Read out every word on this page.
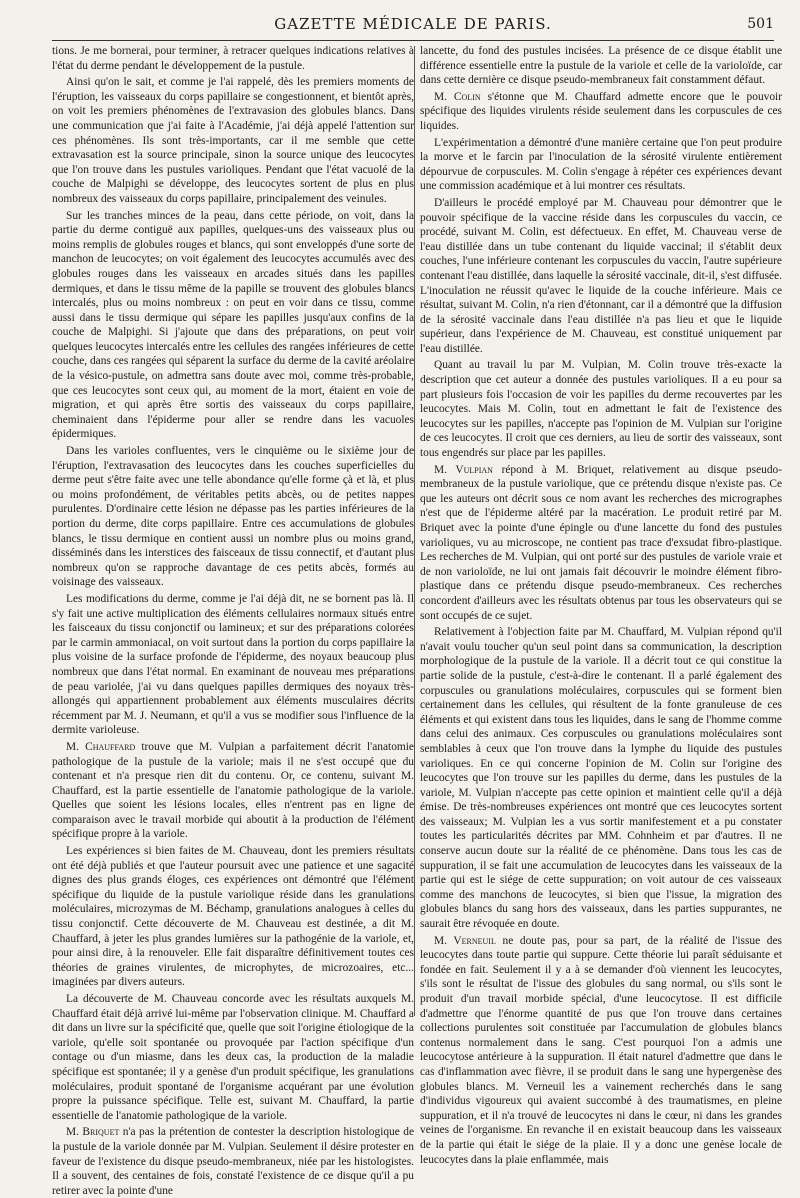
GAZETTE MÉDICALE DE PARIS.	501

tions. Je me bornerai, pour terminer, à retracer quelques indications relatives à l'état du derme pendant le développement de la pustule.

Ainsi qu'on le sait, et comme je l'ai rappelé, dès les premiers moments de l'éruption, les vaisseaux du corps papillaire se congestionnent, et bientôt après, on voit les premiers phénomènes de l'extravasion des globules blancs. Dans une communication que j'ai faite à l'Académie, j'ai déjà appelé l'attention sur ces phénomènes. Ils sont très-importants, car il me semble que cette extravasation est la source principale, sinon la source unique des leucocytes que l'on trouve dans les pustules varioliques. Pendant que l'état vacuolé de la couche de Malpighi se développe, des leucocytes sortent de plus en plus nombreux des vaisseaux du corps papillaire, principalement des veinules.

Sur les tranches minces de la peau, dans cette période, on voit, dans la partie du derme contiguë aux papilles, quelques-uns des vaisseaux plus ou moins remplis de globules rouges et blancs, qui sont enveloppés d'une sorte de manchon de leucocytes; on voit également des leucocytes accumulés avec des globules rouges dans les vaisseaux en arcades situés dans les papilles dermiques, et dans le tissu même de la papille se trouvent des globules blancs intercalés, plus ou moins nombreux : on peut en voir dans ce tissu, comme aussi dans le tissu dermique qui sépare les papilles jusqu'aux confins de la couche de Malpighi. Si j'ajoute que dans des préparations, on peut voir quelques leucocytes intercalés entre les cellules des rangées inférieures de cette couche, dans ces rangées qui séparent la surface du derme de la cavité aréolaire de la vésico-pustule, on admettra sans doute avec moi, comme très-probable, que ces leucocytes sont ceux qui, au moment de la mort, étaient en voie de migration, et qui après être sortis des vaisseaux du corps papillaire, cheminaient dans l'épiderme pour aller se rendre dans les vacuoles épidermiques.

Dans les varioles confluentes, vers le cinquième ou le sixième jour de l'éruption, l'extravasation des leucocytes dans les couches superficielles du derme peut s'être faite avec une telle abondance qu'elle forme çà et là, et plus ou moins profondément, de véritables petits abcès, ou de petites nappes purulentes. D'ordinaire cette lésion ne dépasse pas les parties inférieures de la portion du derme, dite corps papillaire. Entre ces accumulations de globules blancs, le tissu dermique en contient aussi un nombre plus ou moins grand, disséminés dans les interstices des faisceaux de tissu connectif, et d'autant plus nombreux qu'on se rapproche davantage de ces petits abcès, formés au voisinage des vaisseaux.

Les modifications du derme, comme je l'ai déjà dit, ne se bornent pas là. Il s'y fait une active multiplication des éléments cellulaires normaux situés entre les faisceaux du tissu conjonctif ou lamineux; et sur des préparations colorées par le carmin ammoniacal, on voit surtout dans la portion du corps papillaire la plus voisine de la surface profonde de l'épiderme, des noyaux beaucoup plus nombreux que dans l'état normal. En examinant de nouveau mes préparations de peau variolée, j'ai vu dans quelques papilles dermiques des noyaux très-allongés qui appartiennent probablement aux éléments musculaires décrits récemment par M. J. Neumann, et qu'il a vus se modifier sous l'influence de la dermite varioleuse.

M. Chauffard trouve que M. Vulpian a parfaitement décrit l'anatomie pathologique de la pustule de la variole; mais il ne s'est occupé que du contenant et n'a presque rien dit du contenu. Or, ce contenu, suivant M. Chauffard, est la partie essentielle de l'anatomie pathologique de la variole. Quelles que soient les lésions locales, elles n'entrent pas en ligne de comparaison avec le travail morbide qui aboutit à la production de l'élément spécifique propre à la variole.

Les expériences si bien faites de M. Chauveau, dont les premiers résultats ont été déjà publiés et que l'auteur poursuit avec une patience et une sagacité dignes des plus grands éloges, ces expériences ont démontré que l'élément spécifique du liquide de la pustule variolique réside dans les granulations moléculaires, microzymas de M. Béchamp, granulations analogues à celles du tissu conjonctif. Cette découverte de M. Chauveau est destinée, a dit M. Chauffard, à jeter les plus grandes lumières sur la pathogénie de la variole, et, pour ainsi dire, à la renouveler. Elle fait disparaître définitivement toutes ces théories de graines virulentes, de microphytes, de microzoaires, etc... imaginées par divers auteurs.

La découverte de M. Chauveau concorde avec les résultats auxquels M. Chauffard était déjà arrivé lui-même par l'observation clinique. M. Chauffard a dit dans un livre sur la spécificité que, quelle que soit l'origine étiologique de la variole, qu'elle soit spontanée ou provoquée par l'action spécifique d'un contage ou d'un miasme, dans les deux cas, la production de la maladie spécifique est spontanée; il y a genèse d'un produit spécifique, les granulations moléculaires, produit spontané de l'organisme acquérant par une évolution propre la puissance spécifique. Telle est, suivant M. Chauffard, la partie essentielle de l'anatomie pathologique de la variole.

M. Briquet n'a pas la prétention de contester la description histologique de la pustule de la variole donnée par M. Vulpian. Seulement il désire protester en faveur de l'existence du disque pseudo-membraneux, niée par les histologistes. Il a souvent, des centaines de fois, constaté l'existence de ce disque qu'il a pu retirer avec la pointe d'une

lancette, du fond des pustules incisées. La présence de ce disque établit une différence essentielle entre la pustule de la variole et celle de la varioloïde, car dans cette dernière ce disque pseudo-membraneux fait constamment défaut.

M. Colin s'étonne que M. Chauffard admette encore que le pouvoir spécifique des liquides virulents réside seulement dans les corpuscules de ces liquides.

L'expérimentation a démontré d'une manière certaine que l'on peut produire la morve et le farcin par l'inoculation de la sérosité virulente entièrement dépourvue de corpuscules. M. Colin s'engage à répéter ces expériences devant une commission académique et à lui montrer ces résultats.

D'ailleurs le procédé employé par M. Chauveau pour démontrer que le pouvoir spécifique de la vaccine réside dans les corpuscules du vaccin, ce procédé, suivant M. Colin, est défectueux. En effet, M. Chauveau verse de l'eau distillée dans un tube contenant du liquide vaccinal; il s'établit deux couches, l'une inférieure contenant les corpuscules du vaccin, l'autre supérieure contenant l'eau distillée, dans laquelle la sérosité vaccinale, dit-il, s'est diffusée. L'inoculation ne réussit qu'avec le liquide de la couche inférieure. Mais ce résultat, suivant M. Colin, n'a rien d'étonnant, car il a démontré que la diffusion de la sérosité vaccinale dans l'eau distillée n'a pas lieu et que le liquide supérieur, dans l'expérience de M. Chauveau, est constitué uniquement par l'eau distillée.

Quant au travail lu par M. Vulpian, M. Colin trouve très-exacte la description que cet auteur a donnée des pustules varioliques. Il a eu pour sa part plusieurs fois l'occasion de voir les papilles du derme recouvertes par les leucocytes. Mais M. Colin, tout en admettant le fait de l'existence des leucocytes sur les papilles, n'accepte pas l'opinion de M. Vulpian sur l'origine de ces leucocytes. Il croit que ces derniers, au lieu de sortir des vaisseaux, sont tous engendrés sur place par les papilles.

M. Vulpian répond à M. Briquet, relativement au disque pseudo-membraneux de la pustule variolique, que ce prétendu disque n'existe pas. Ce que les auteurs ont décrit sous ce nom avant les recherches des micrographes n'est que de l'épiderme altéré par la macération. Le produit retiré par M. Briquet avec la pointe d'une épingle ou d'une lancette du fond des pustules varioliques, vu au microscope, ne contient pas trace d'exsudat fibro-plastique. Les recherches de M. Vulpian, qui ont porté sur des pustules de variole vraie et de non varioloïde, ne lui ont jamais fait découvrir le moindre élément fibro-plastique dans ce prétendu disque pseudo-membraneux. Ces recherches concordent d'ailleurs avec les résultats obtenus par tous les observateurs qui se sont occupés de ce sujet.

Relativement à l'objection faite par M. Chauffard, M. Vulpian répond qu'il n'avait voulu toucher qu'un seul point dans sa communication, la description morphologique de la pustule de la variole. Il a décrit tout ce qui constitue la partie solide de la pustule, c'est-à-dire le contenant. Il a parlé également des corpuscules ou granulations moléculaires, corpuscules qui se forment bien certainement dans les cellules, qui résultent de la fonte granuleuse de ces éléments et qui existent dans tous les liquides, dans le sang de l'homme comme dans celui des animaux. Ces corpuscules ou granulations moléculaires sont semblables à ceux que l'on trouve dans la lymphe du liquide des pustules varioliques. En ce qui concerne l'opinion de M. Colin sur l'origine des leucocytes que l'on trouve sur les papilles du derme, dans les pustules de la variole, M. Vulpian n'accepte pas cette opinion et maintient celle qu'il a déjà émise. De très-nombreuses expériences ont montré que ces leucocytes sortent des vaisseaux; M. Vulpian les a vus sortir manifestement et a pu constater toutes les particularités décrites par MM. Cohnheim et par d'autres. Il ne conserve aucun doute sur la réalité de ce phénomène. Dans tous les cas de suppuration, il se fait une accumulation de leucocytes dans les vaisseaux de la partie qui est le siége de cette suppuration; on voit autour de ces vaisseaux comme des manchons de leucocytes, si bien que l'issue, la migration des globules blancs du sang hors des vaisseaux, dans les parties suppurantes, ne saurait être révoquée en doute.

M. Verneuil ne doute pas, pour sa part, de la réalité de l'issue des leucocytes dans toute partie qui suppure. Cette théorie lui paraît séduisante et fondée en fait. Seulement il y a à se demander d'où viennent les leucocytes, s'ils sont le résultat de l'issue des globules du sang normal, ou s'ils sont le produit d'un travail morbide spécial, d'une leucocytose. Il est difficile d'admettre que l'énorme quantité de pus que l'on trouve dans certaines collections purulentes soit constituée par l'accumulation de globules blancs contenus normalement dans le sang. C'est pourquoi l'on a admis une leucocytose antérieure à la suppuration. Il était naturel d'admettre que dans le cas d'inflammation avec fièvre, il se produit dans le sang une hypergenèse des globules blancs. M. Verneuil les a vainement recherchés dans le sang d'individus vigoureux qui avaient succombé à des traumatismes, en pleine suppuration, et il n'a trouvé de leucocytes ni dans le cœur, ni dans les grandes veines de l'organisme. En revanche il en existait beaucoup dans les vaisseaux de la partie qui était le siége de la plaie. Il y a donc une genèse locale de leucocytes dans la plaie enflammée, mais
